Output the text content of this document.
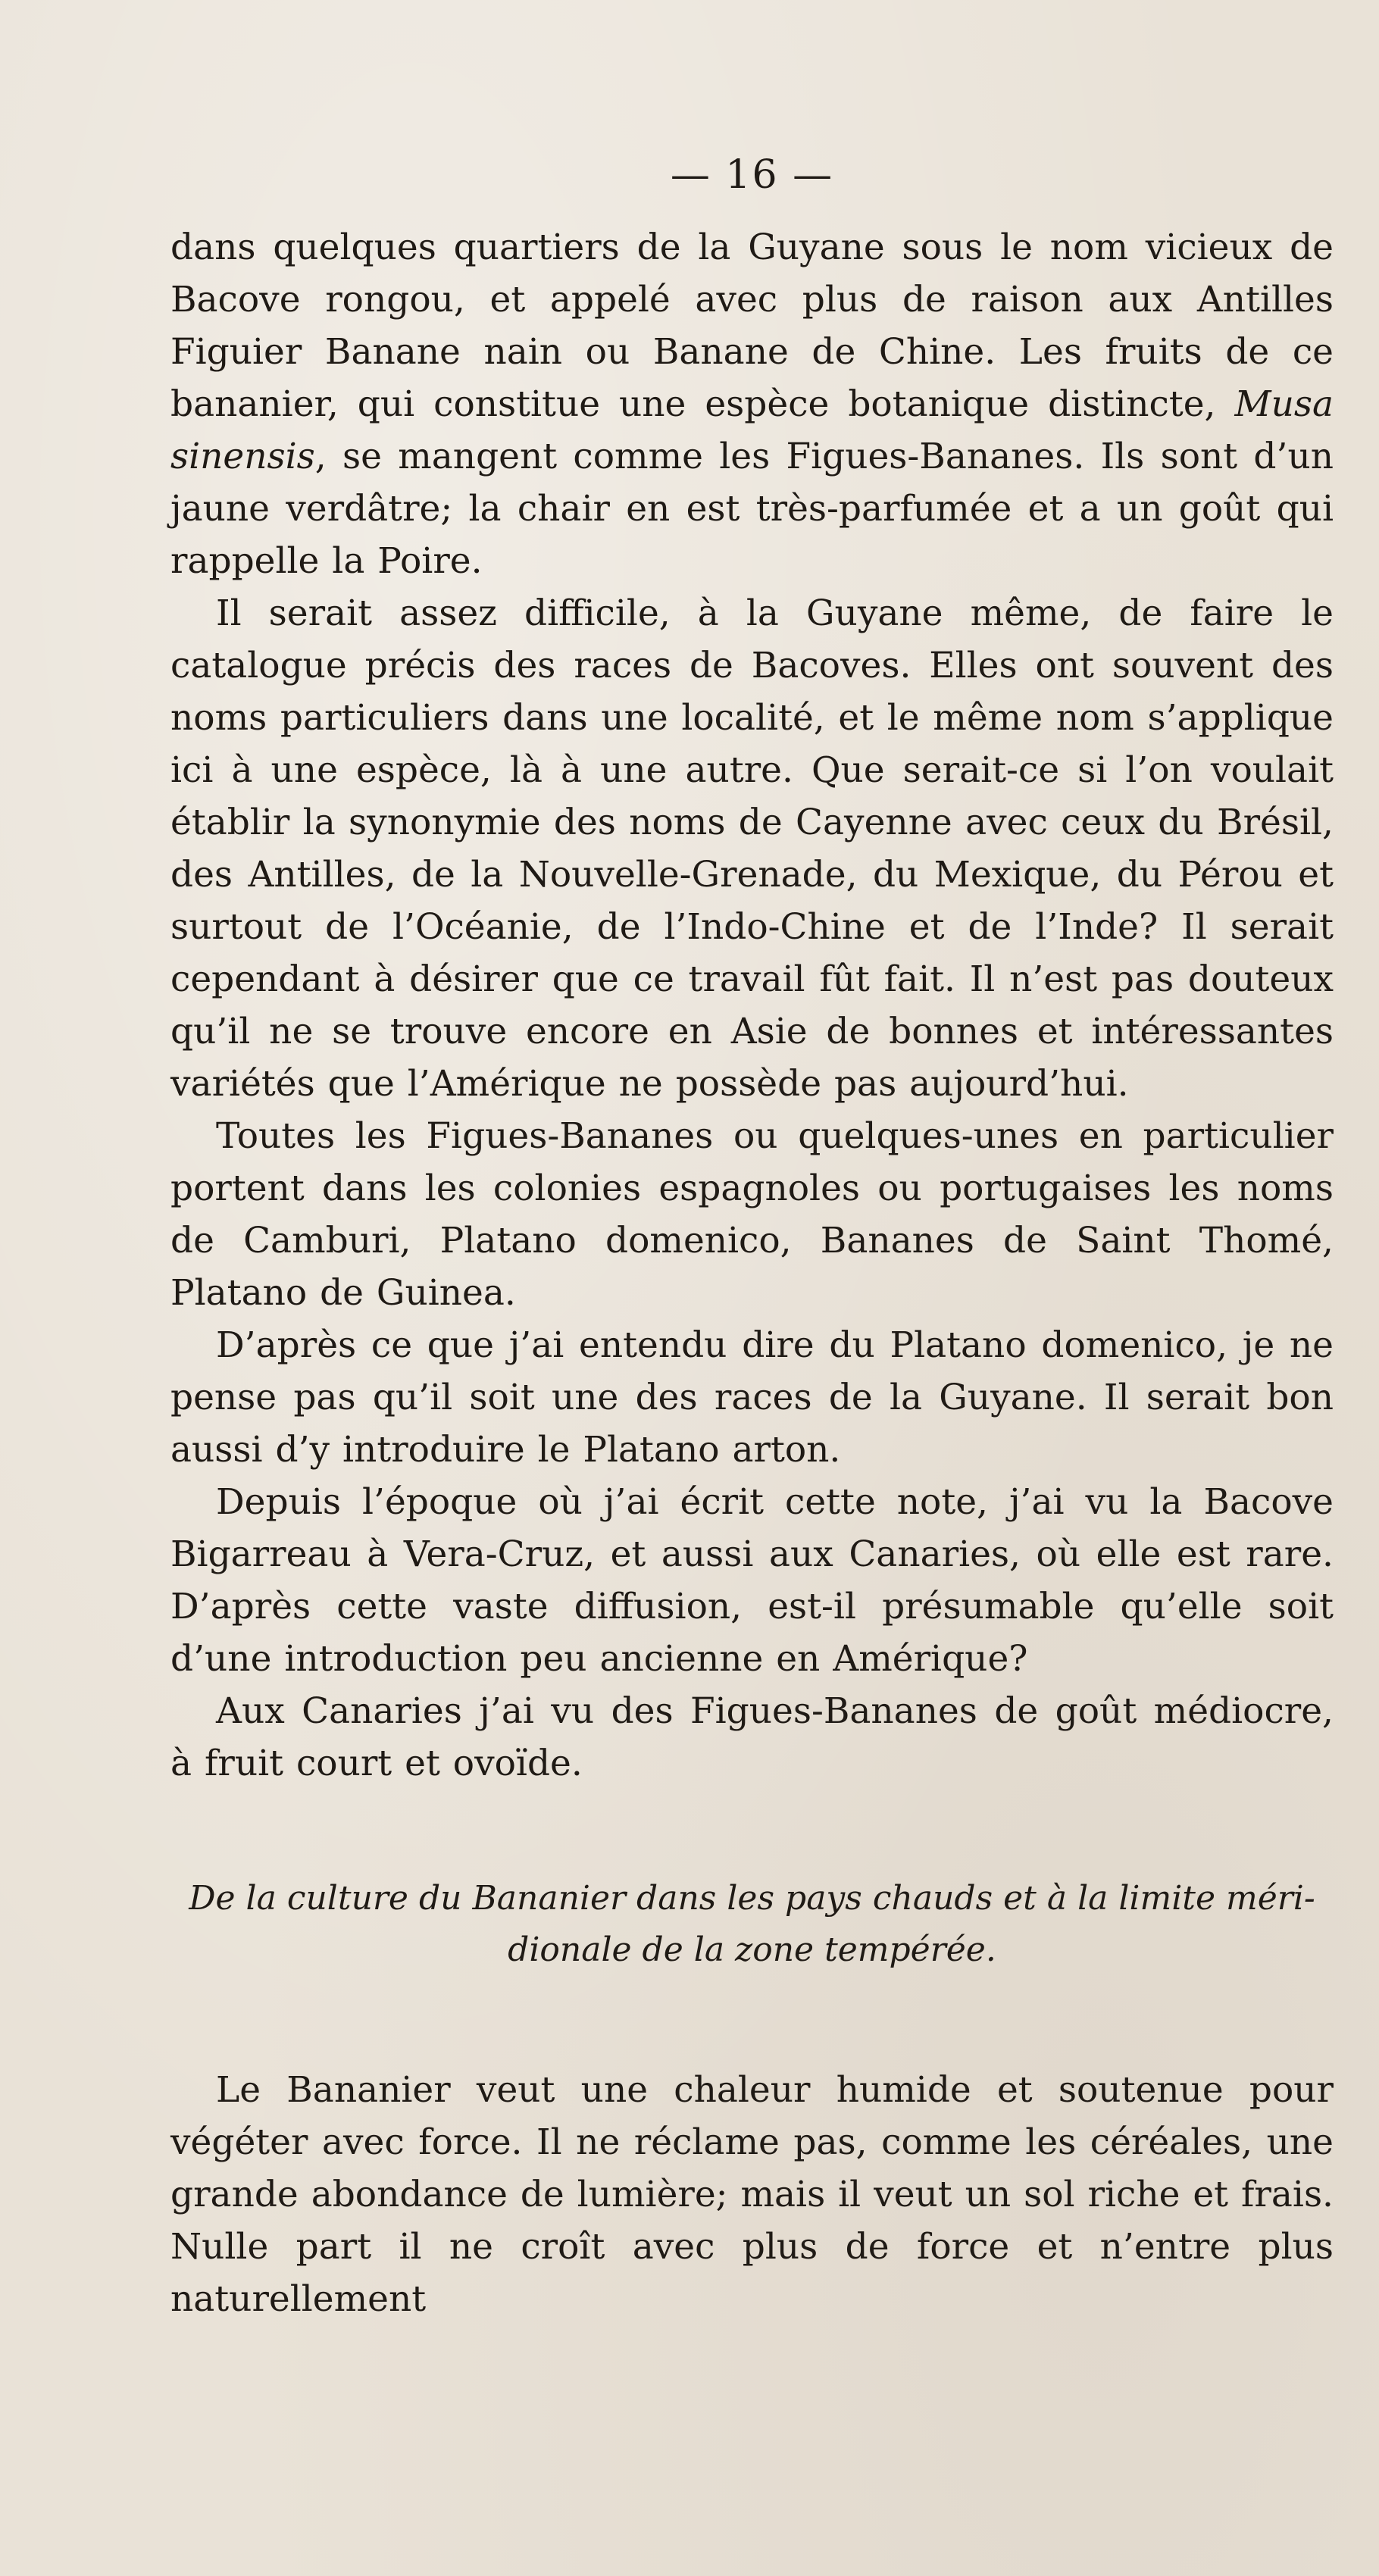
— 16 —

dans quelques quartiers de la Guyane sous le nom vicieux de Bacove rongou, et appelé avec plus de raison aux Antilles Figuier Banane nain ou Banane de Chine. Les fruits de ce bananier, qui constitue une espèce botanique distincte, Musa sinensis, se mangent comme les Figues-Bananes. Ils sont d’un jaune verdâtre; la chair en est très-parfumée et a un goût qui rappelle la Poire.

Il serait assez difficile, à la Guyane même, de faire le catalogue précis des races de Bacoves. Elles ont souvent des noms particuliers dans une localité, et le même nom s’applique ici à une espèce, là à une autre. Que serait-ce si l’on voulait établir la synonymie des noms de Cayenne avec ceux du Brésil, des Antilles, de la Nouvelle-Grenade, du Mexique, du Pérou et surtout de l’Océanie, de l’Indo-Chine et de l’Inde? Il serait cependant à désirer que ce travail fût fait. Il n’est pas douteux qu’il ne se trouve encore en Asie de bonnes et intéressantes variétés que l’Amérique ne possède pas aujourd’hui.

Toutes les Figues-Bananes ou quelques-unes en particulier portent dans les colonies espagnoles ou portugaises les noms de Camburi, Platano domenico, Bananes de Saint Thomé, Platano de Guinea.

D’après ce que j’ai entendu dire du Platano domenico, je ne pense pas qu’il soit une des races de la Guyane. Il serait bon aussi d’y introduire le Platano arton.

Depuis l’époque où j’ai écrit cette note, j’ai vu la Bacove Bigarreau à Vera-Cruz, et aussi aux Canaries, où elle est rare. D’après cette vaste diffusion, est-il présumable qu’elle soit d’une introduction peu ancienne en Amérique?

Aux Canaries j’ai vu des Figues-Bananes de goût médiocre, à fruit court et ovoïde.

De la culture du Bananier dans les pays chauds et à la limite méri-
dionale de la zone tempérée.

Le Bananier veut une chaleur humide et soutenue pour végéter avec force. Il ne réclame pas, comme les céréales, une grande abondance de lumière; mais il veut un sol riche et frais. Nulle part il ne croît avec plus de force et n’entre plus naturellement
